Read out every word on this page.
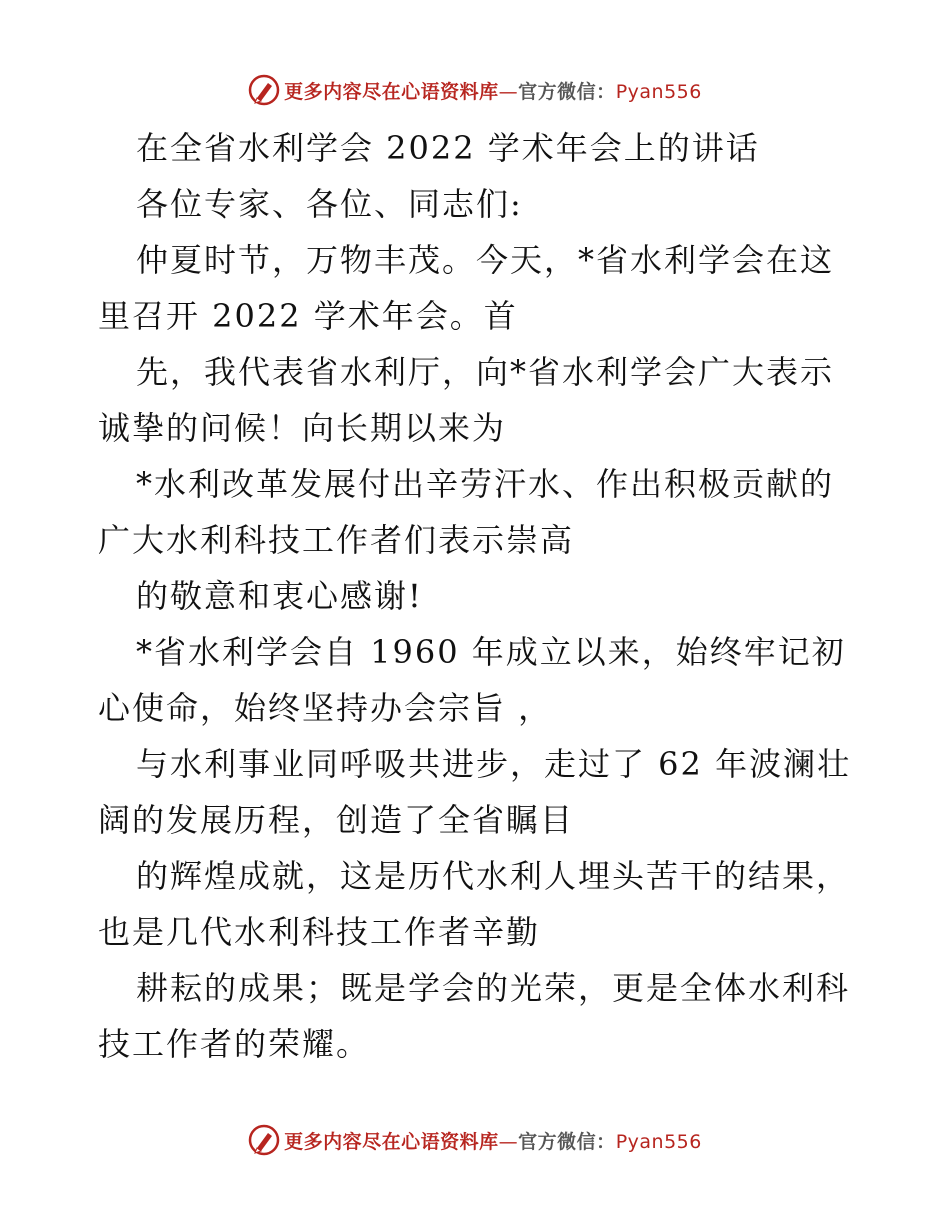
更多内容尽在心语资料库—官方微信：Pyan556
在全省水利学会 2022 学术年会上的讲话
各位专家、各位、同志们:
仲夏时节，万物丰茂。今天，*省水利学会在这
里召开 2022 学术年会。首
先，我代表省水利厅，向*省水利学会广大表示
诚挚的问候！向长期以来为
*水利改革发展付出辛劳汗水、作出积极贡献的
广大水利科技工作者们表示崇高
的敬意和衷心感谢!
*省水利学会自 1960 年成立以来，始终牢记初
心使命，始终坚持办会宗旨 ，
与水利事业同呼吸共进步，走过了 62 年波澜壮
阔的发展历程，创造了全省瞩目
的辉煌成就，这是历代水利人埋头苦干的结果，
也是几代水利科技工作者辛勤
耕耘的成果；既是学会的光荣，更是全体水利科
技工作者的荣耀。
更多内容尽在心语资料库—官方微信：Pyan556
